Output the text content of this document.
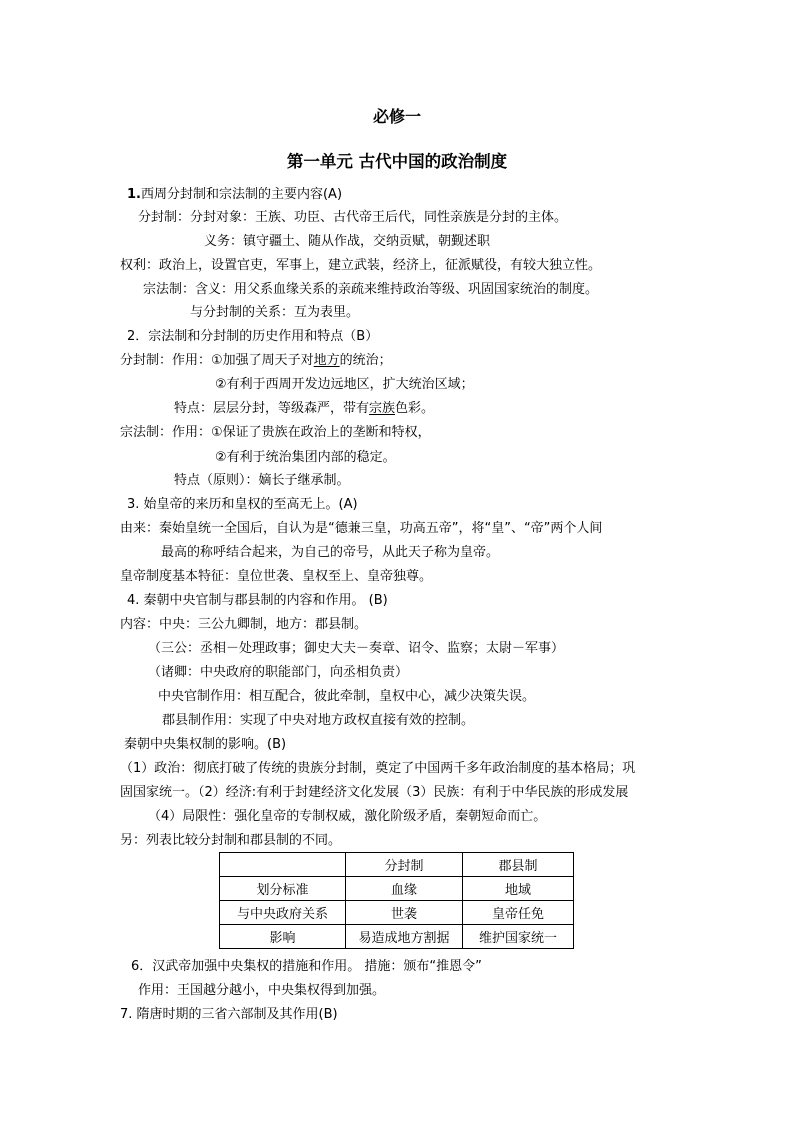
必修一
第一单元 古代中国的政治制度
1.西周分封制和宗法制的主要内容(A)
分封制：分封对象：王族、功臣、古代帝王后代，同性亲族是分封的主体。
义务：镇守疆土、随从作战，交纳贡赋，朝觐述职
权利：政治上，设置官吏，军事上，建立武装，经济上，征派赋役，有较大独立性。
宗法制：含义：用父系血缘关系的亲疏来维持政治等级、巩固国家统治的制度。
与分封制的关系：互为表里。
2．宗法制和分封制的历史作用和特点（B）
分封制：作用：①加强了周天子对地方的统治；
②有利于西周开发边远地区，扩大统治区域；
特点：层层分封，等级森严，带有宗族色彩。
宗法制：作用：①保证了贵族在政治上的垄断和特权，
②有利于统治集团内部的稳定。
特点（原则）：嫡长子继承制。
3. 始皇帝的来历和皇权的至高无上。(A)
由来：秦始皇统一全国后，自认为是“德兼三皇，功高五帝”，将“皇”、“帝”两个人间
最高的称呼结合起来，为自己的帝号，从此天子称为皇帝。
皇帝制度基本特征：皇位世袭、皇权至上、皇帝独尊。
4. 秦朝中央官制与郡县制的内容和作用。 (B)
内容：中央：三公九卿制，地方：郡县制。
（三公：丞相－处理政事；御史大夫－奏章、诏令、监察；太尉－军事）
（诸卿：中央政府的职能部门，向丞相负责）
中央官制作用：相互配合，彼此牵制，皇权中心，减少决策失误。
郡县制作用：实现了中央对地方政权直接有效的控制。
秦朝中央集权制的影响。(B)
（1）政治：彻底打破了传统的贵族分封制，奠定了中国两千多年政治制度的基本格局；巩
固国家统一。（2）经济:有利于封建经济文化发展（3）民族：有利于中华民族的形成发展
（4）局限性：强化皇帝的专制权威，激化阶级矛盾，秦朝短命而亡。
另：列表比较分封制和郡县制的不同。
	分封制	郡县制
划分标准	血缘	地域
与中央政府关系	世袭	皇帝任免
影响	易造成地方割据	维护国家统一
6．汉武帝加强中央集权的措施和作用。 措施：颁布“推恩令”
作用：王国越分越小，中央集权得到加强。
7. 隋唐时期的三省六部制及其作用(B)
